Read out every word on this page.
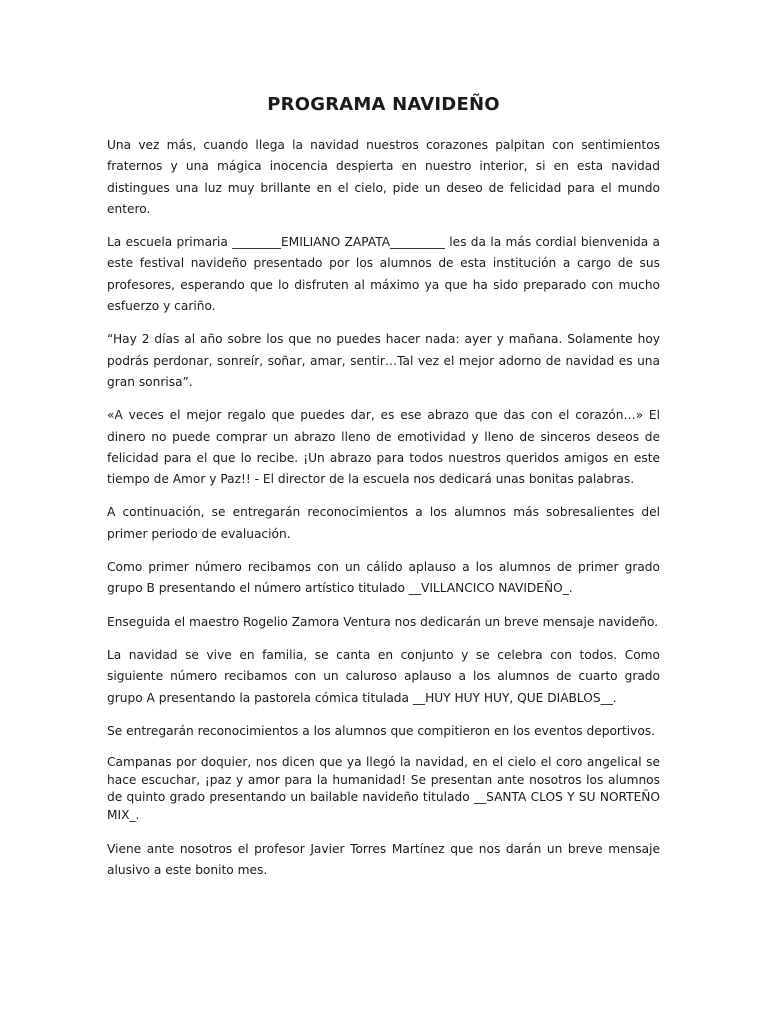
PROGRAMA NAVIDEÑO

Una vez más, cuando llega la navidad nuestros corazones palpitan con sentimientos fraternos y una mágica inocencia despierta en nuestro interior, si en esta navidad distingues una luz muy brillante en el cielo, pide un deseo de felicidad para el mundo entero.

La escuela primaria ________EMILIANO ZAPATA_________ les da la más cordial bienvenida a este festival navideño presentado por los alumnos de esta institución a cargo de sus profesores, esperando que lo disfruten al máximo ya que ha sido preparado con mucho esfuerzo y cariño.

“Hay 2 días al año sobre los que no puedes hacer nada: ayer y mañana. Solamente hoy podrás perdonar, sonreír, soñar, amar, sentir…Tal vez el mejor adorno de navidad es una gran sonrisa”.

«A veces el mejor regalo que puedes dar, es ese abrazo que das con el corazón…» El dinero no puede comprar un abrazo lleno de emotividad y lleno de sinceros deseos de felicidad para el que lo recibe. ¡Un abrazo para todos nuestros queridos amigos en este tiempo de Amor y Paz!! - El director de la escuela nos dedicará unas bonitas palabras.

A continuación, se entregarán reconocimientos a los alumnos más sobresalientes del primer periodo de evaluación.

Como primer número recibamos con un cálido aplauso a los alumnos de primer grado grupo B presentando el número artístico titulado __VILLANCICO NAVIDEÑO_.

Enseguida el maestro Rogelio Zamora Ventura nos dedicarán un breve mensaje navideño.

La navidad se vive en familia, se canta en conjunto y se celebra con todos. Como siguiente número recibamos con un caluroso aplauso a los alumnos de cuarto grado grupo A presentando la pastorela cómica titulada __HUY HUY HUY, QUE DIABLOS__.

Se entregarán reconocimientos a los alumnos que compitieron en los eventos deportivos.

Campanas por doquier, nos dicen que ya llegó la navidad, en el cielo el coro angelical se hace escuchar, ¡paz y amor para la humanidad! Se presentan ante nosotros los alumnos de quinto grado presentando un bailable navideño titulado __SANTA CLOS Y SU NORTEÑO MIX_.

Viene ante nosotros el profesor Javier Torres Martínez que nos darán un breve mensaje alusivo a este bonito mes.
